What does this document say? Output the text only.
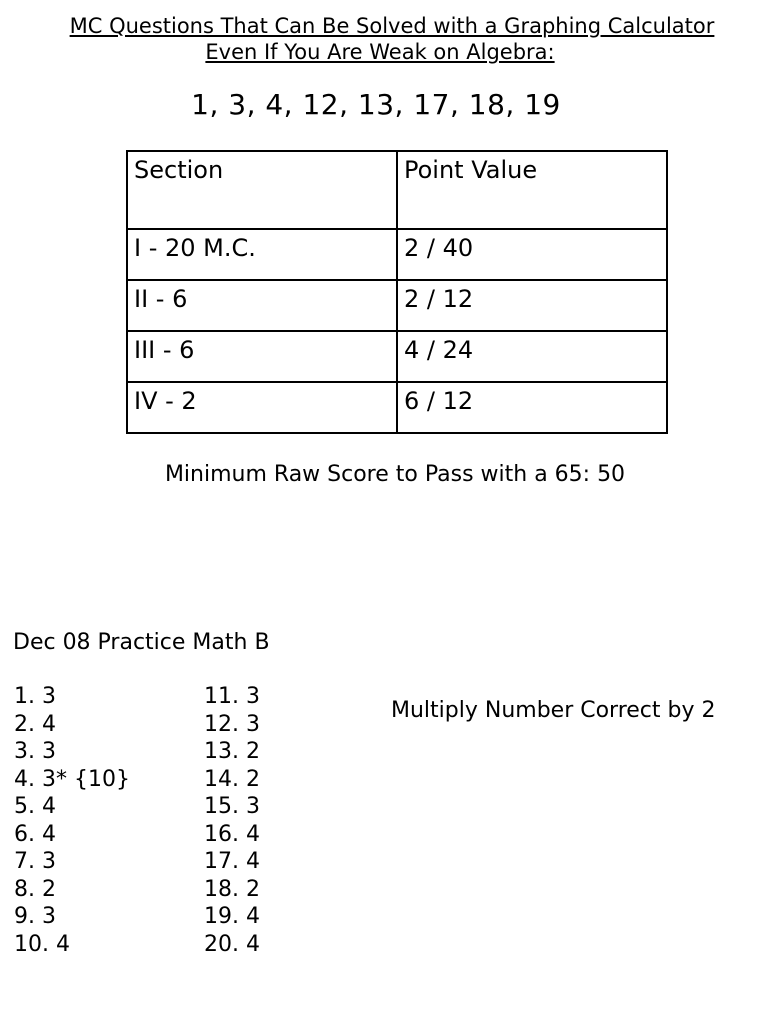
MC Questions That Can Be Solved with a Graphing Calculator
Even If You Are Weak on Algebra:
1, 3, 4, 12, 13, 17, 18, 19
Section	Point Value
I - 20 M.C.	2 / 40
II - 6	2 / 12
III - 6	4 / 24
IV - 2	6 / 12
Minimum Raw Score to Pass with a 65: 50
Dec 08 Practice Math B
1. 3
2. 4
3. 3
4. 3* {10}
5. 4
6. 4
7. 3
8. 2
9. 3
10. 4
11. 3
12. 3
13. 2
14. 2
15. 3
16. 4
17. 4
18. 2
19. 4
20. 4
Multiply Number Correct by 2
